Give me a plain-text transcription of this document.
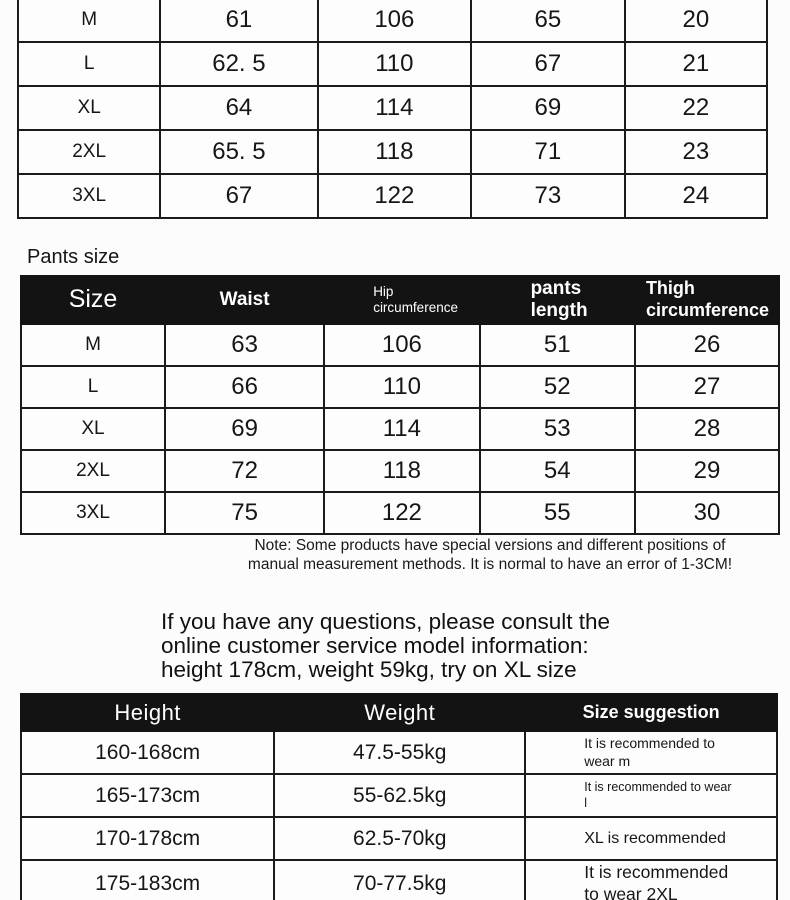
M	61	106	65	20
L	62. 5	110	67	21
XL	64	114	69	22
2XL	65. 5	118	71	23
3XL	67	122	73	24
Pants size
Size	Waist	Hip circumference	pants length	Thigh circumference
M	63	106	51	26
L	66	110	52	27
XL	69	114	53	28
2XL	72	118	54	29
3XL	75	122	55	30
Note: Some products have special versions and different positions of
manual measurement methods. It is normal to have an error of 1-3CM!
If you have any questions, please consult the
online customer service model information:
height 178cm, weight 59kg, try on XL size
Height	Weight	Size suggestion
160-168cm	47.5-55kg	It is recommended to
wear m

165-173cm	55-62.5kg	It is recommended to wear
l

170-178cm	62.5-70kg	XL is recommended

175-183cm	70-77.5kg	It is recommended
to wear 2XL
